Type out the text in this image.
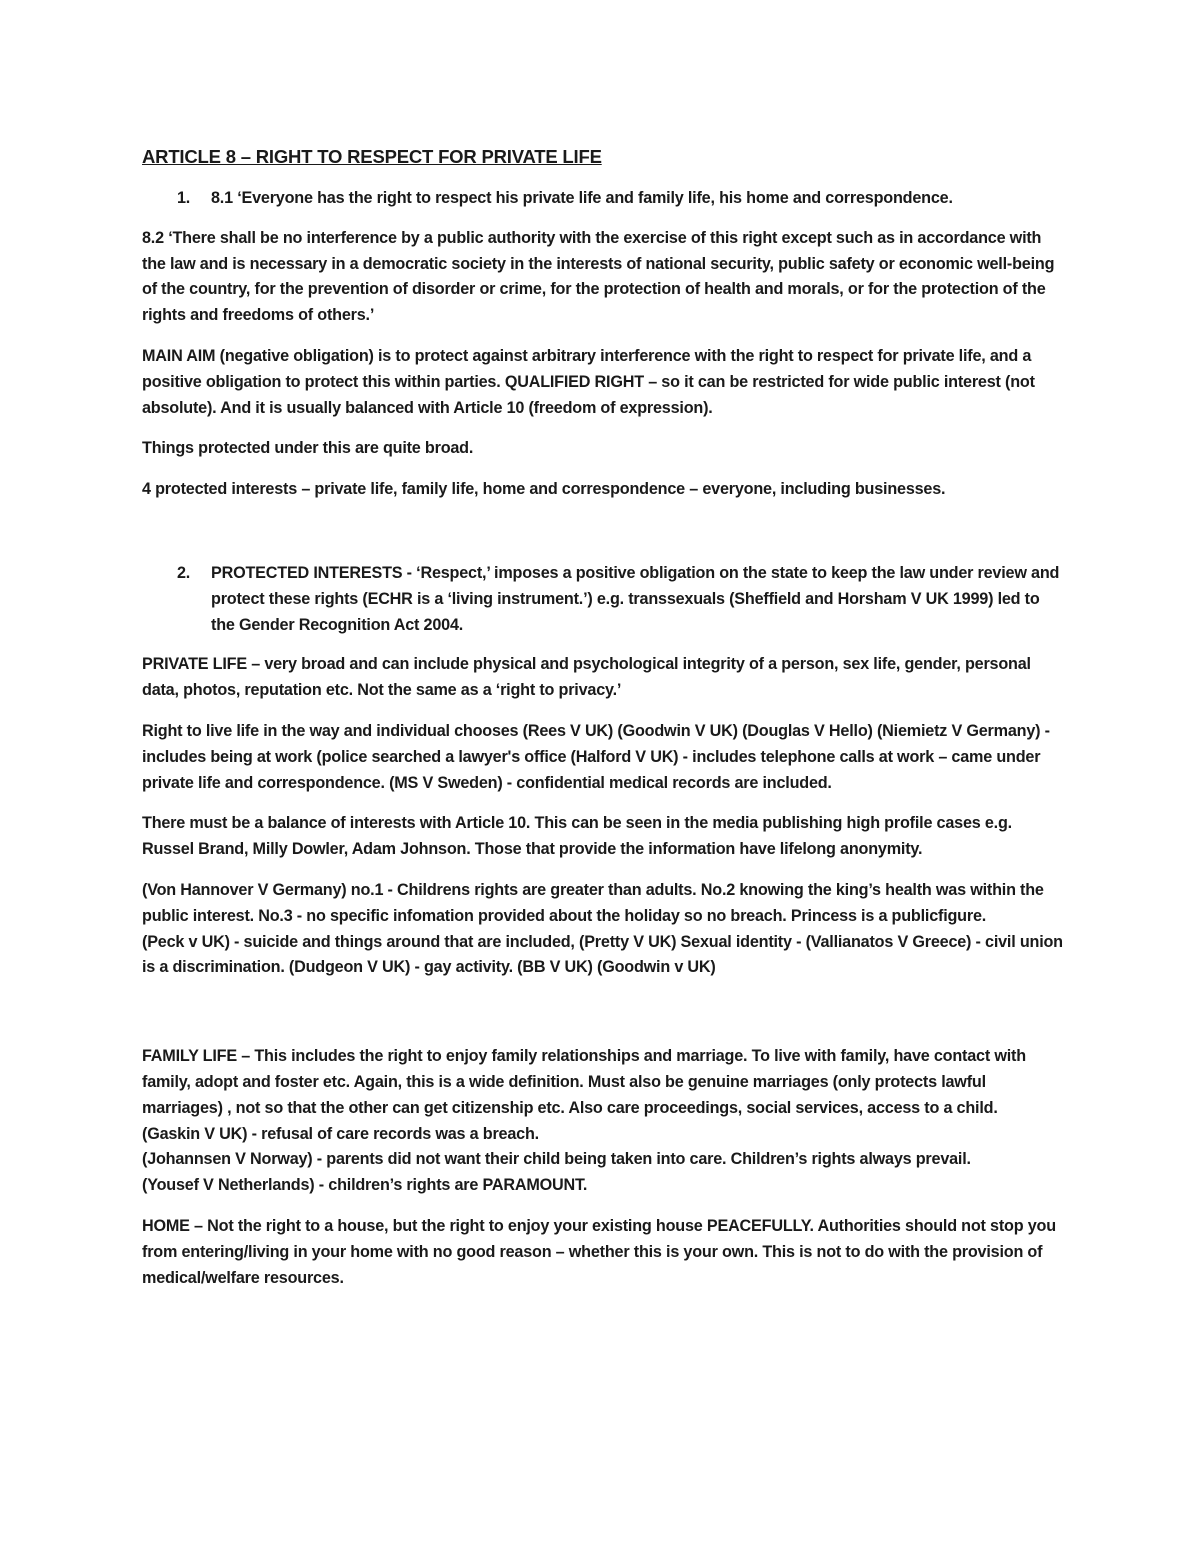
ARTICLE 8 – RIGHT TO RESPECT FOR PRIVATE LIFE
1. 8.1 ‘Everyone has the right to respect his private life and family life, his home and correspondence.

8.2 ‘There shall be no interference by a public authority with the exercise of this right except such as in accordance with the law and is necessary in a democratic society in the interests of national security, public safety or economic well-being of the country, for the prevention of disorder or crime, for the protection of health and morals, or for the protection of the rights and freedoms of others.’

MAIN AIM (negative obligation) is to protect against arbitrary interference with the right to respect for private life, and a positive obligation to protect this within parties. QUALIFIED RIGHT – so it can be restricted for wide public interest (not absolute). And it is usually balanced with Article 10 (freedom of expression).

Things protected under this are quite broad.

4 protected interests – private life, family life, home and correspondence – everyone, including businesses.

2. PROTECTED INTERESTS - ‘Respect,’ imposes a positive obligation on the state to keep the law under review and protect these rights (ECHR is a ‘living instrument.’) e.g. transsexuals (Sheffield and Horsham V UK 1999) led to the Gender Recognition Act 2004.

PRIVATE LIFE – very broad and can include physical and psychological integrity of a person, sex life, gender, personal data, photos, reputation etc. Not the same as a ‘right to privacy.’

Right to live life in the way and individual chooses (Rees V UK) (Goodwin V UK) (Douglas V Hello) (Niemietz V Germany) - includes being at work (police searched a lawyer's office (Halford V UK) - includes telephone calls at work – came under private life and correspondence. (MS V Sweden) - confidential medical records are included.

There must be a balance of interests with Article 10. This can be seen in the media publishing high profile cases e.g. Russel Brand, Milly Dowler, Adam Johnson. Those that provide the information have lifelong anonymity.

(Von Hannover V Germany) no.1 - Childrens rights are greater than adults. No.2 knowing the king’s health was within the public interest. No.3 - no specific infomation provided about the holiday so no breach. Princess is a publicfigure.

(Peck v UK) - suicide and things around that are included, (Pretty V UK) Sexual identity - (Vallianatos V Greece) - civil union is a discrimination. (Dudgeon V UK) - gay activity. (BB V UK) (Goodwin v UK)

FAMILY LIFE – This includes the right to enjoy family relationships and marriage. To live with family, have contact with family, adopt and foster etc. Again, this is a wide definition. Must also be genuine marriages (only protects lawful marriages) , not so that the other can get citizenship etc. Also care proceedings, social services, access to a child.

(Gaskin V UK) - refusal of care records was a breach.

(Johannsen V Norway) - parents did not want their child being taken into care. Children’s rights always prevail.

(Yousef V Netherlands) - children’s rights are PARAMOUNT.

HOME – Not the right to a house, but the right to enjoy your existing house PEACEFULLY. Authorities should not stop you from entering/living in your home with no good reason – whether this is your own. This is not to do with the provision of medical/welfare resources.
